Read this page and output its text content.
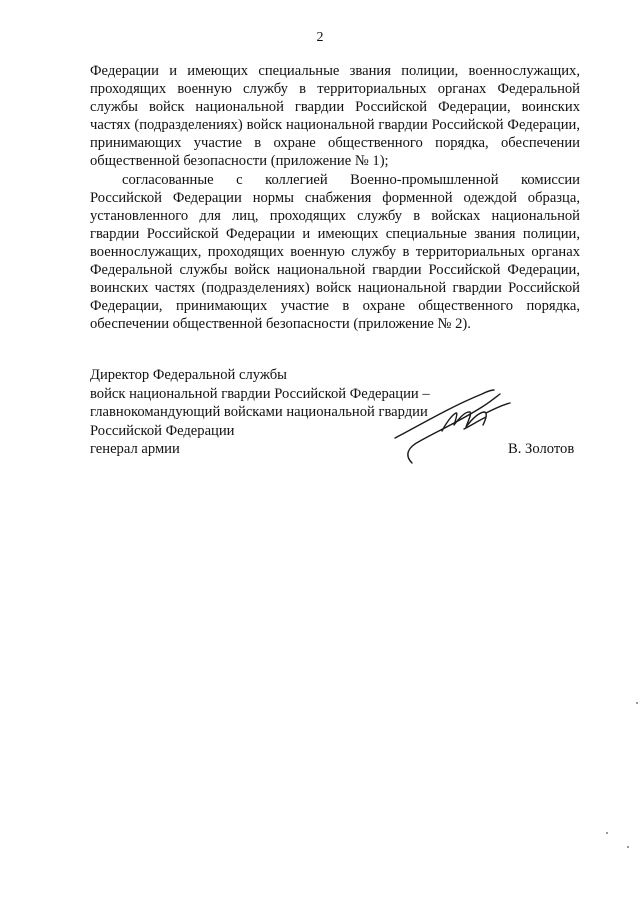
2

Федерации и имеющих специальные звания полиции, военнослужащих, проходящих военную службу в территориальных органах Федеральной службы войск национальной гвардии Российской Федерации, воинских частях (подразделениях) войск национальной гвардии Российской Федерации, принимающих участие в охране общественного порядка, обеспечении общественной безопасности (приложение № 1);

согласованные с коллегией Военно-промышленной комиссии Российской Федерации нормы снабжения форменной одеждой образца, установленного для лиц, проходящих службу в войсках национальной гвардии Российской Федерации и имеющих специальные звания полиции, военнослужащих, проходящих военную службу в территориальных органах Федеральной службы войск национальной гвардии Российской Федерации, воинских частях (подразделениях) войск национальной гвардии Российской Федерации, принимающих участие в охране общественного порядка, обеспечении общественной безопасности (приложение № 2).

Директор Федеральной службы
войск национальной гвардии Российской Федерации –
главнокомандующий войсками национальной гвардии
Российской Федерации
генерал армии	В. Золотов
